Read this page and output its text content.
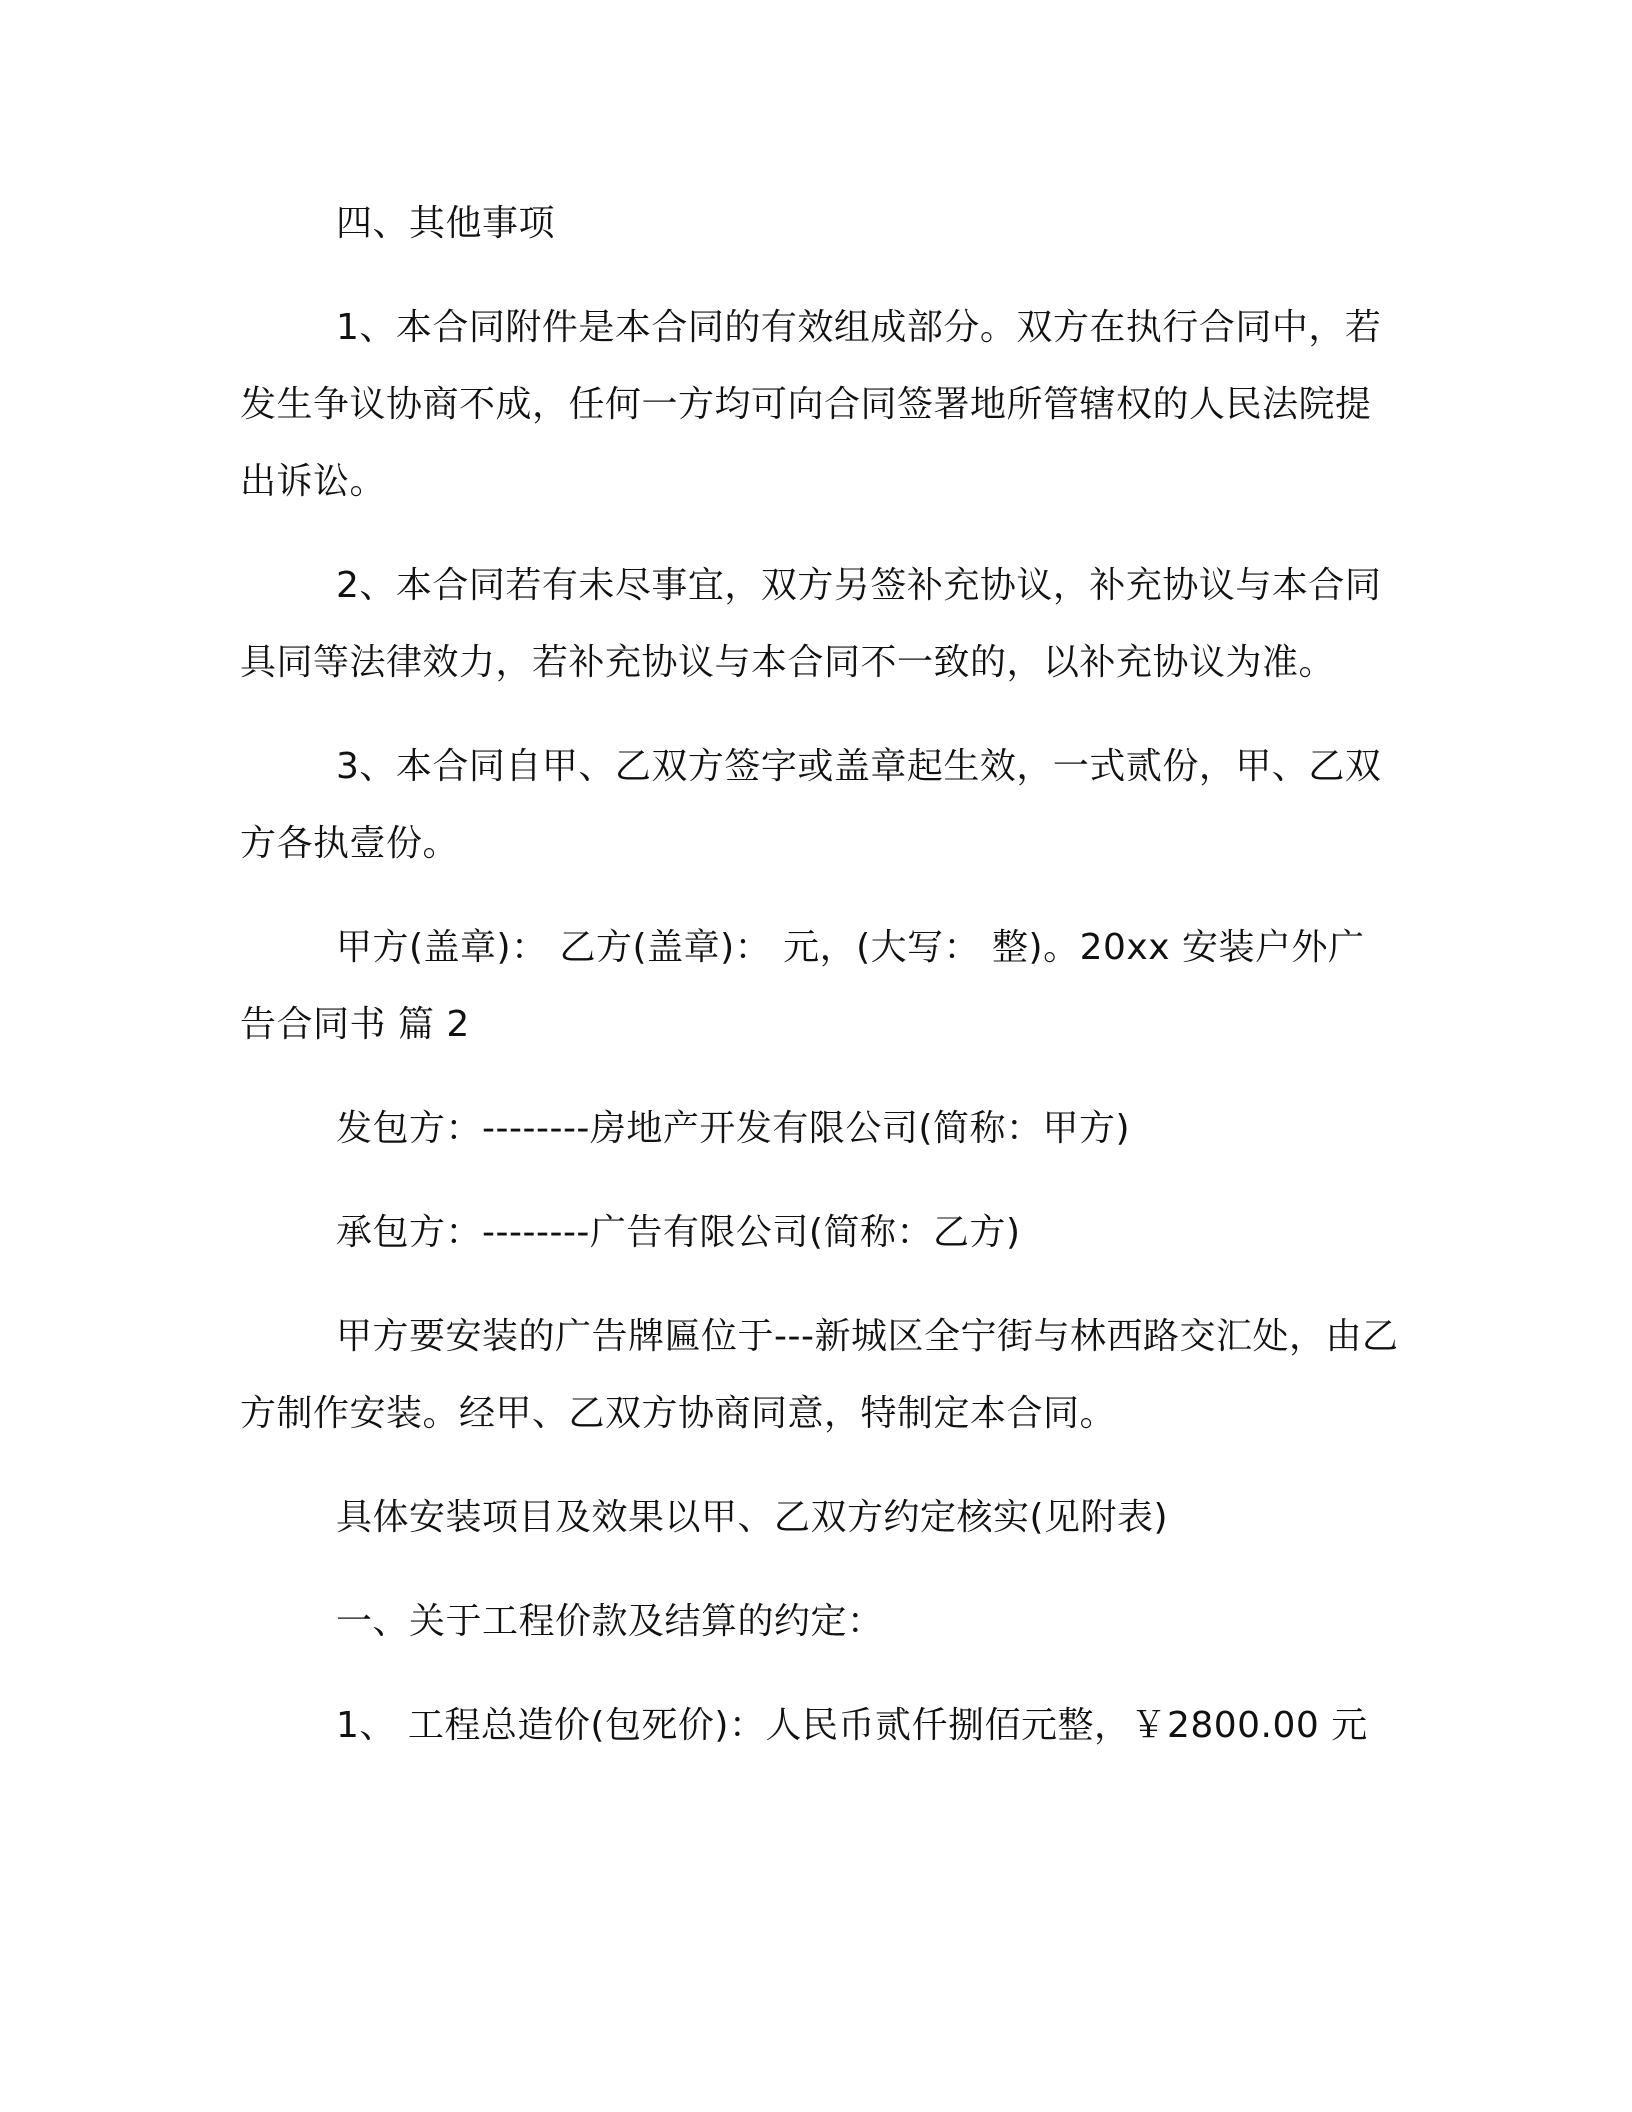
四、其他事项

1、本合同附件是本合同的有效组成部分。双方在执行合同中，若发生争议协商不成，任何一方均可向合同签署地所管辖权的人民法院提出诉讼。

2、本合同若有未尽事宜，双方另签补充协议，补充协议与本合同具同等法律效力，若补充协议与本合同不一致的，以补充协议为准。

3、本合同自甲、乙双方签字或盖章起生效，一式贰份，甲、乙双方各执壹份。

甲方(盖章)： 乙方(盖章)： 元，(大写： 整)。20xx 安装户外广告合同书 篇 2

发包方：--------房地产开发有限公司(简称：甲方)

承包方：--------广告有限公司(简称：乙方)

甲方要安装的广告牌匾位于---新城区全宁街与林西路交汇处，由乙方制作安装。经甲、乙双方协商同意，特制定本合同。

具体安装项目及效果以甲、乙双方约定核实(见附表)

一、关于工程价款及结算的约定：

1、 工程总造价(包死价)：人民币贰仟捌佰元整，￥2800.00 元
